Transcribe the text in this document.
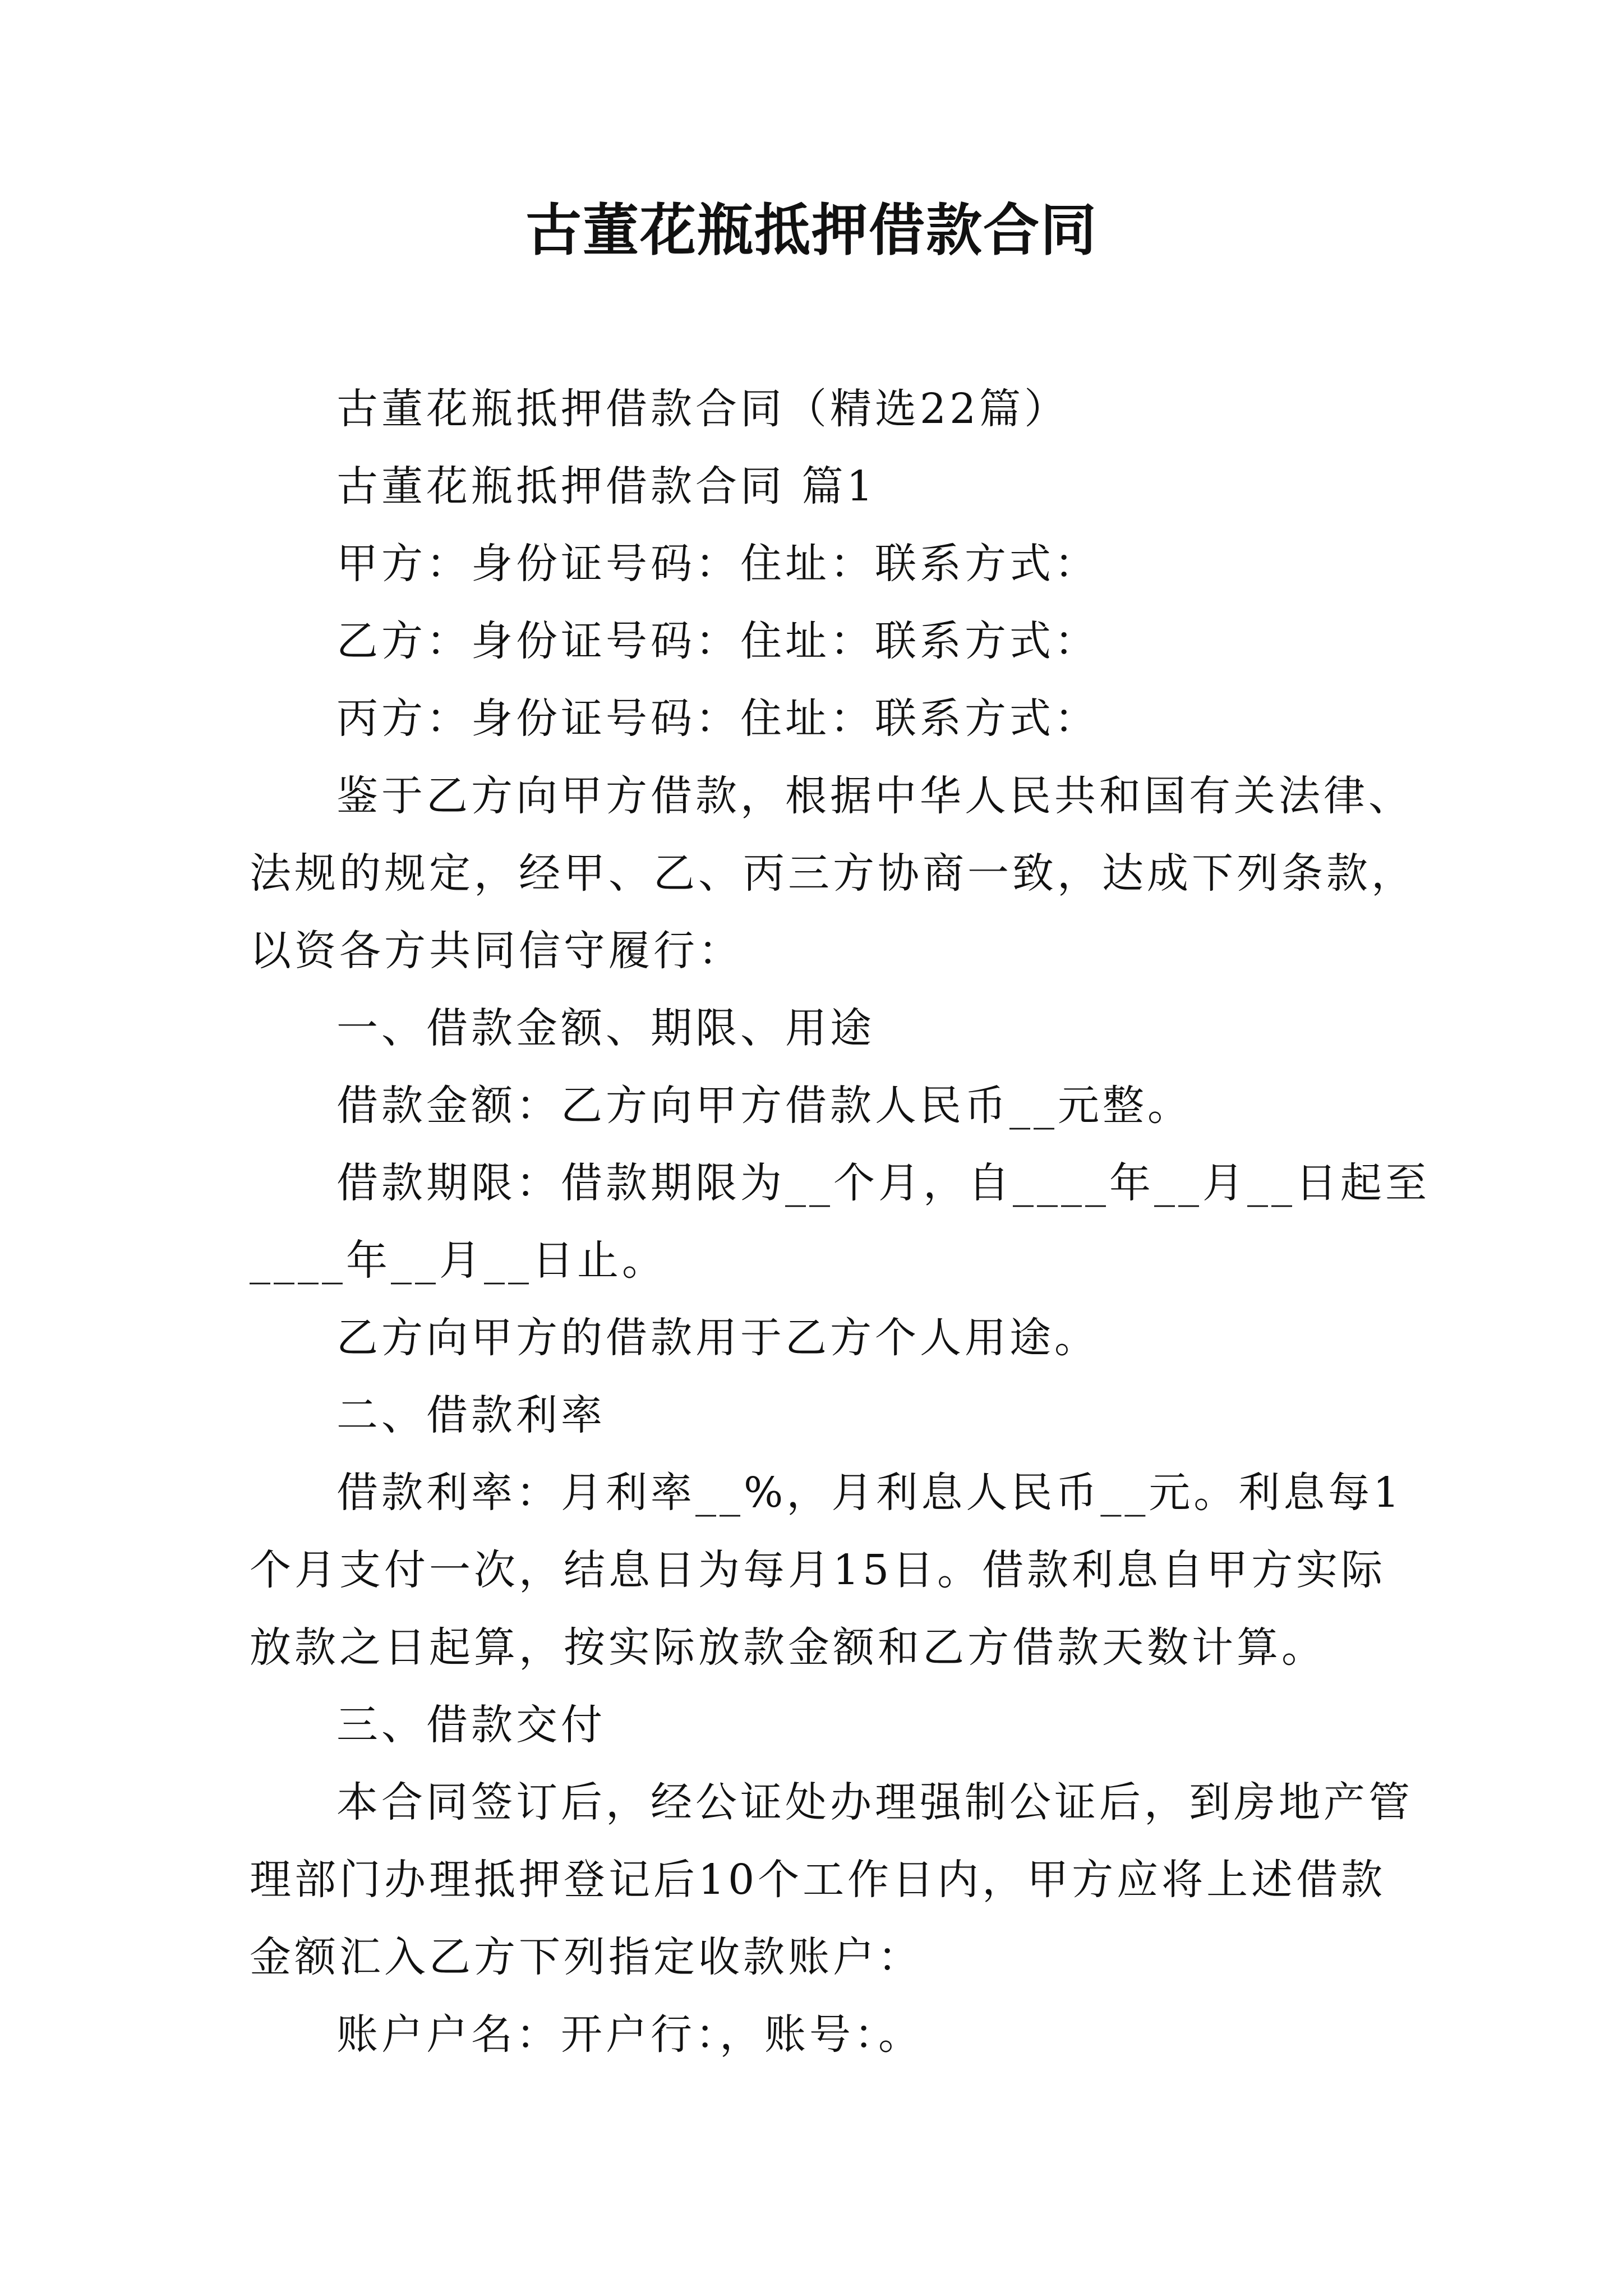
古董花瓶抵押借款合同

古董花瓶抵押借款合同（精选22篇）

古董花瓶抵押借款合同 篇1

甲方：身份证号码：住址：联系方式：

乙方：身份证号码：住址：联系方式：

丙方：身份证号码：住址：联系方式：

鉴于乙方向甲方借款，根据中华人民共和国有关法律、

法规的规定，经甲、乙、丙三方协商一致，达成下列条款，

以资各方共同信守履行：

一、借款金额、期限、用途

借款金额：乙方向甲方借款人民币__元整。

借款期限：借款期限为__个月，自____年__月__日起至

____年__月__日止。

乙方向甲方的借款用于乙方个人用途。

二、借款利率

借款利率：月利率__%，月利息人民币__元。利息每1

个月支付一次，结息日为每月15日。借款利息自甲方实际

放款之日起算，按实际放款金额和乙方借款天数计算。

三、借款交付

本合同签订后，经公证处办理强制公证后，到房地产管

理部门办理抵押登记后10个工作日内，甲方应将上述借款

金额汇入乙方下列指定收款账户：

账户户名：开户行：，账号：。
